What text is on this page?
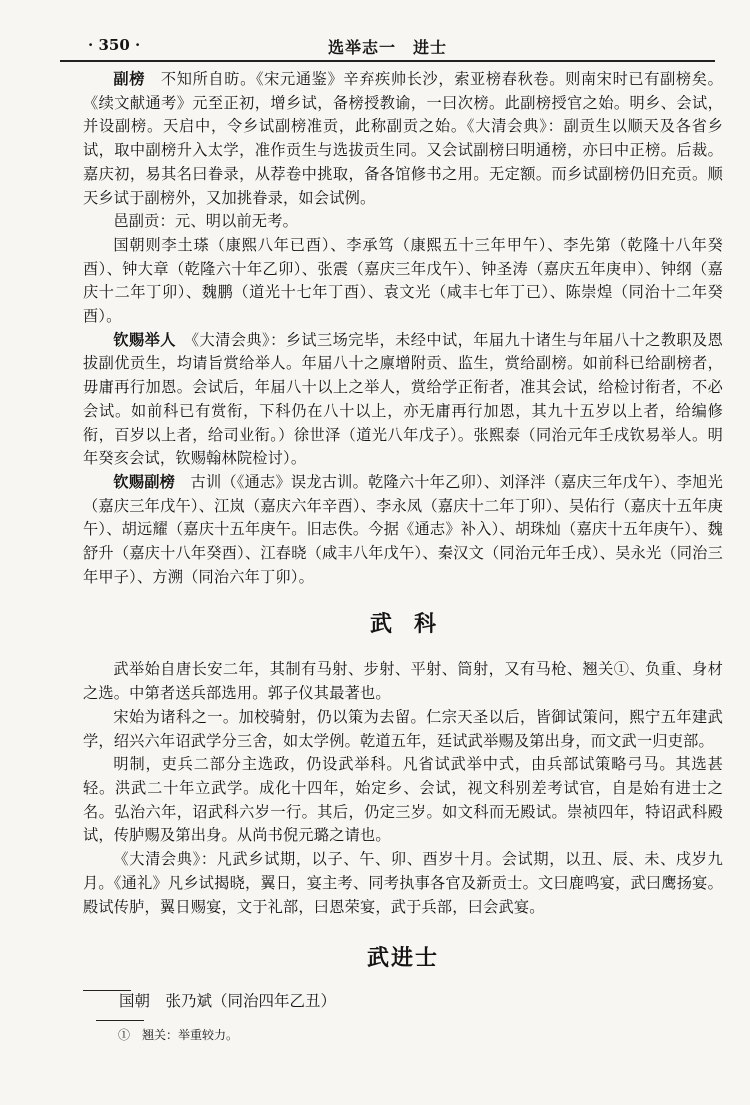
· 350 ·	选举志一　进士

副榜　不知所自昉。《宋元通鉴》辛弃疾帅长沙，索亚榜春秋卷。则南宋时已有副榜矣。《续文献通考》元至正初，增乡试，备榜授教谕，一曰次榜。此副榜授官之始。明乡、会试，并设副榜。天启中，令乡试副榜准贡，此称副贡之始。《大清会典》：副贡生以顺天及各省乡试，取中副榜升入太学，准作贡生与选拔贡生同。又会试副榜曰明通榜，亦曰中正榜。后裁。嘉庆初，易其名曰眷录，从荐卷中挑取，备各馆修书之用。无定额。而乡试副榜仍旧充贡。顺天乡试于副榜外，又加挑眷录，如会试例。

邑副贡：元、明以前无考。

国朝则李土瑹（康熙八年已酉）、李承笃（康熙五十三年甲午）、李先第（乾隆十八年癸酉）、钟大章（乾隆六十年乙卯）、张震（嘉庆三年戊午）、钟圣涛（嘉庆五年庚申）、钟纲（嘉庆十二年丁卯）、魏鹏（道光十七年丁酉）、袁文光（咸丰七年丁已）、陈崇煌（同治十二年癸酉）。

钦赐举人　《大清会典》：乡试三场完毕，未经中试，年届九十诸生与年届八十之教职及恩拔副优贡生，均请旨赏给举人。年届八十之廪增附贡、监生，赏给副榜。如前科已给副榜者，毋庸再行加恩。会试后，年届八十以上之举人，赏给学正衔者，准其会试，给检讨衔者，不必会试。如前科已有赏衔，下科仍在八十以上，亦无庸再行加恩，其九十五岁以上者，给编修衔，百岁以上者，给司业衔。）徐世泽（道光八年戊子）。张熙泰（同治元年壬戌钦易举人。明年癸亥会试，钦赐翰林院检讨）。

钦赐副榜　古训（《通志》误龙古训。乾隆六十年乙卯）、刘泽泮（嘉庆三年戊午）、李旭光（嘉庆三年戊午）、江岚（嘉庆六年辛酉）、李永凤（嘉庆十二年丁卯）、吴佑行（嘉庆十五年庚午）、胡远耀（嘉庆十五年庚午。旧志佚。今据《通志》补入）、胡珠灿（嘉庆十五年庚午）、魏舒升（嘉庆十八年癸酉）、江春晓（咸丰八年戊午）、秦汉文（同治元年壬戌）、吴永光（同治三年甲子）、方溯（同治六年丁卯）。

武科

武举始自唐长安二年，其制有马射、步射、平射、筒射，又有马枪、翘关①、负重、身材之选。中第者送兵部选用。郭子仪其最著也。

宋始为诸科之一。加校骑射，仍以策为去留。仁宗天圣以后，皆御试策问，熙宁五年建武学，绍兴六年诏武学分三舍，如太学例。乾道五年，廷试武举赐及第出身，而文武一归吏部。

明制，吏兵二部分主选政，仍设武举科。凡省试武举中式，由兵部试策略弓马。其选甚轻。洪武二十年立武学。成化十四年，始定乡、会试，视文科别差考试官，自是始有进士之名。弘治六年，诏武科六岁一行。其后，仍定三岁。如文科而无殿试。崇祯四年，特诏武科殿试，传胪赐及第出身。从尚书倪元璐之请也。

《大清会典》：凡武乡试期，以子、午、卯、酉岁十月。会试期，以丑、辰、未、戌岁九月。《通礼》凡乡试揭晓，翼日，宴主考、同考执事各官及新贡士。文曰鹿鸣宴，武曰鹰扬宴。殿试传胪，翼日赐宴，文于礼部，曰恩荣宴，武于兵部，曰会武宴。

武进士
国朝　张乃斌（同治四年乙丑）
①　翘关：举重较力。
